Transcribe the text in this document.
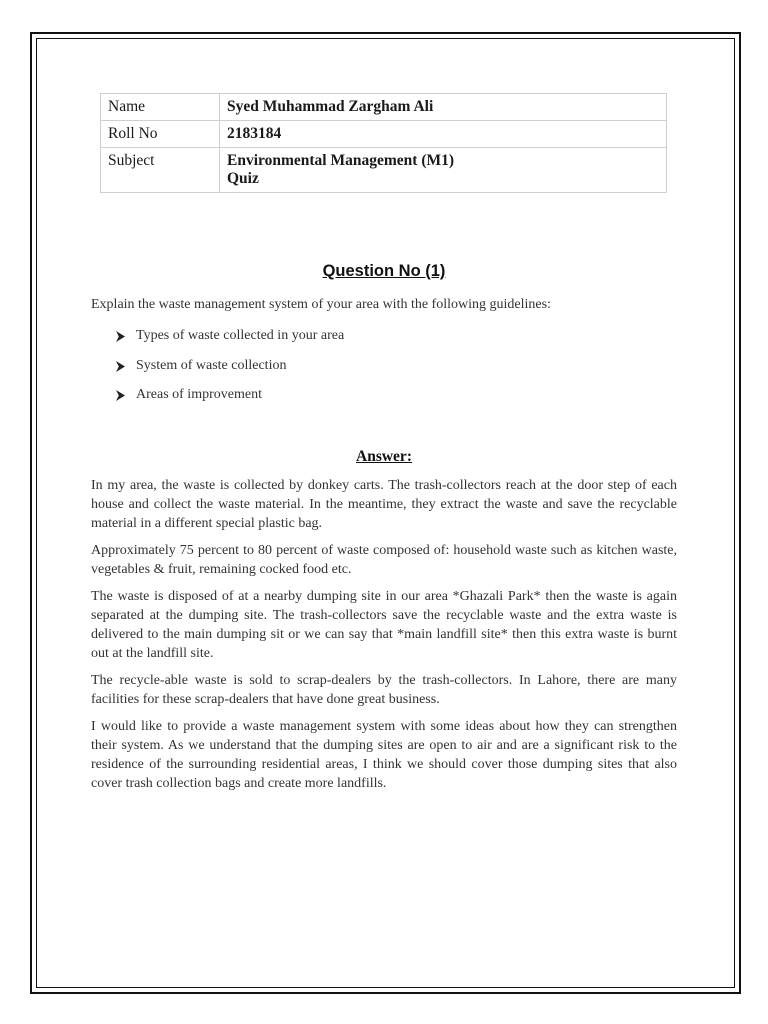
Name	Syed Muhammad Zargham Ali
Roll No	2183184
Subject	Environmental Management (M1)
Quiz
Question No (1)

Explain the waste management system of your area with the following guidelines:

Types of waste collected in your area
System of waste collection
Areas of improvement
Answer:

In my area, the waste is collected by donkey carts. The trash-collectors reach at the door step of each house and collect the waste material. In the meantime, they extract the waste and save the recyclable material in a different special plastic bag.

Approximately 75 percent to 80 percent of waste composed of: household waste such as kitchen waste, vegetables & fruit, remaining cocked food etc.

The waste is disposed of at a nearby dumping site in our area *Ghazali Park* then the waste is again separated at the dumping site. The trash-collectors save the recyclable waste and the extra waste is delivered to the main dumping sit or we can say that *main landfill site* then this extra waste is burnt out at the landfill site.

The recycle-able waste is sold to scrap-dealers by the trash-collectors. In Lahore, there are many facilities for these scrap-dealers that have done great business.

I would like to provide a waste management system with some ideas about how they can strengthen their system. As we understand that the dumping sites are open to air and are a significant risk to the residence of the surrounding residential areas, I think we should cover those dumping sites that also cover trash collection bags and create more landfills.
